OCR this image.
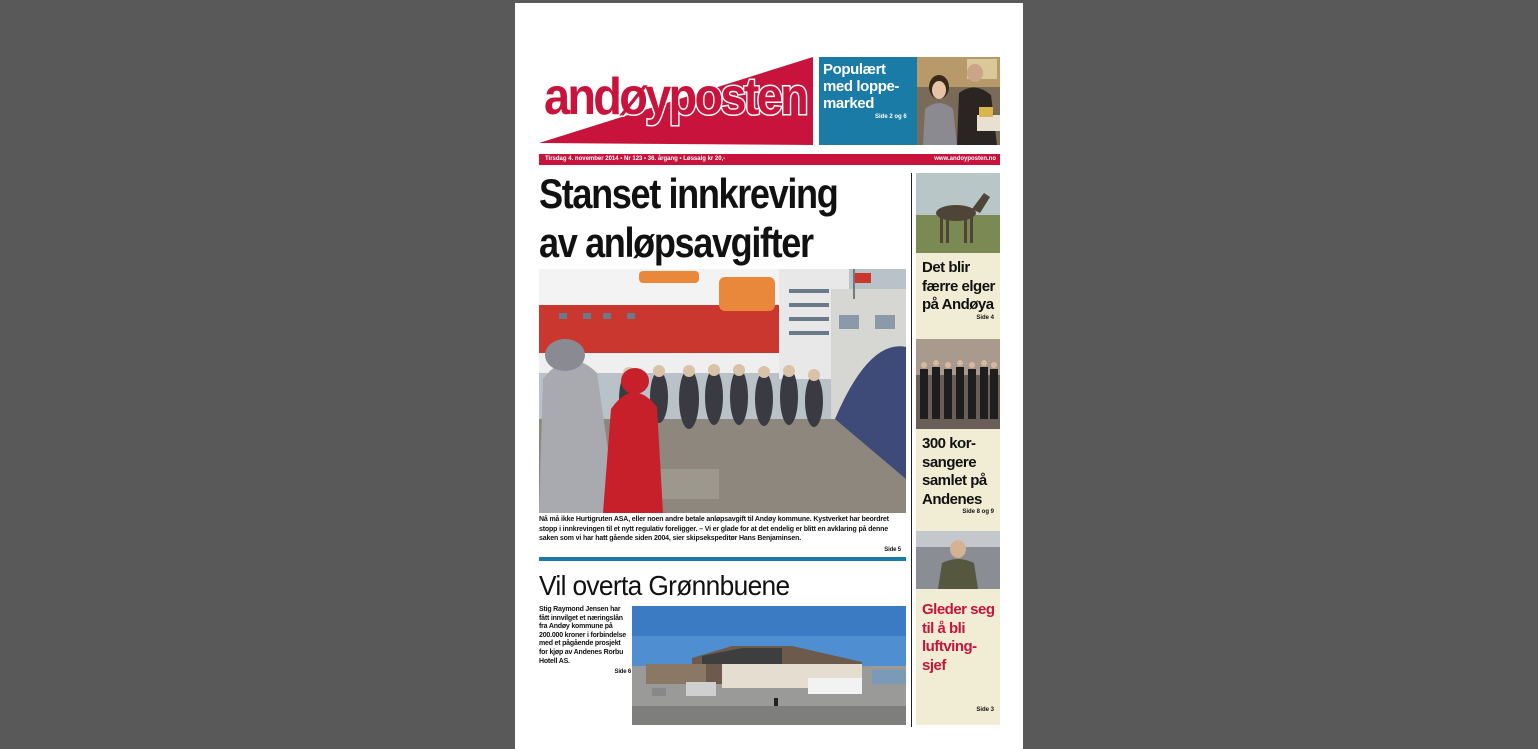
andøyposten Populært med loppe-marked
Side 2 og 6
Tirsdag 4. november 2014 • Nr 123 • 36. årgang • Løssalg kr 20,-	www.andoyposten.no
Stanset innkreving
av anløpsavgifter
Nå må ikke Hurtigruten ASA, eller noen andre betale anløpsavgift til Andøy kommune. Kystverket har beordret stopp i innkrevingen til et nytt regulativ foreligger. – Vi er glade for at det endelig er blitt en avklaring på denne saken som vi har hatt gående siden 2004, sier skipsekspeditør Hans Benjaminsen.
Side 5
Vil overta Grønnbuene
Stig Raymond Jensen har fått innvilget et næringslån fra Andøy kommune på 200.000 kroner i forbindelse med et pågående prosjekt for kjøp av Andenes Rorbu Hotell AS.
Side 6
Det blir færre elger på Andøya
Side 4
300 kor-sangere samlet på Andenes
Side 8 og 9
Gleder seg til å bli luftving-sjef
Side 3
